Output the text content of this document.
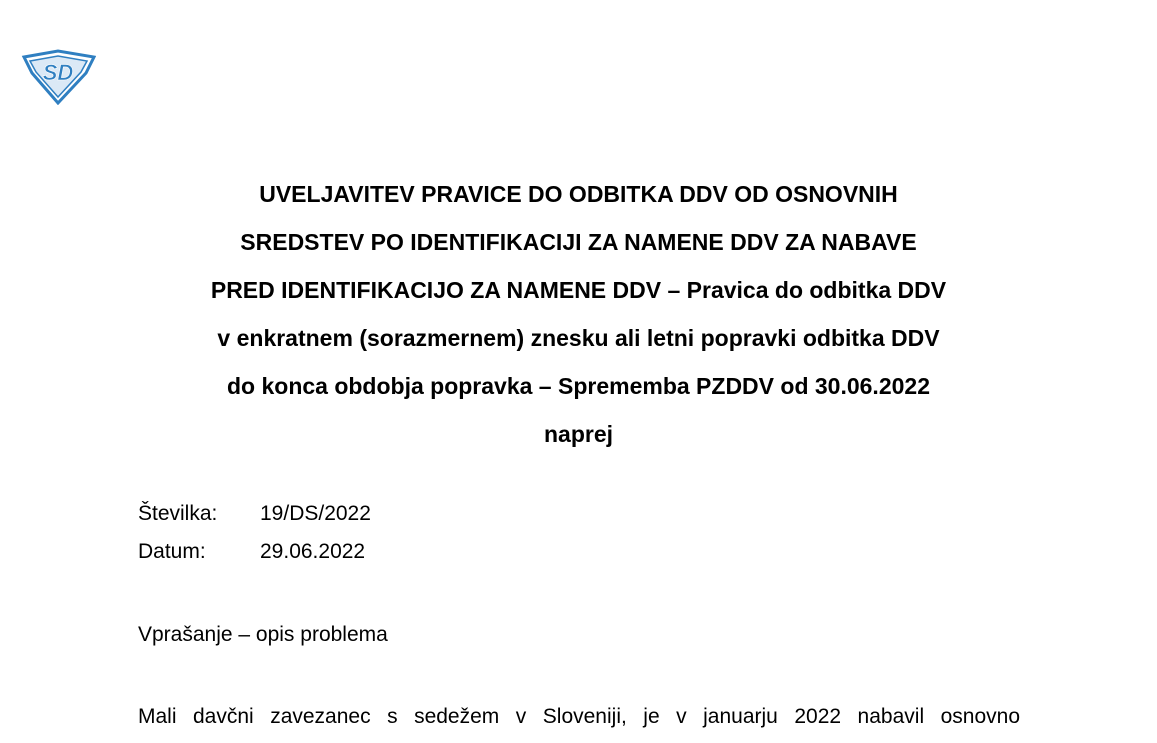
SD
UVELJAVITEV PRAVICE DO ODBITKA DDV OD OSNOVNIH
SREDSTEV PO IDENTIFIKACIJI ZA NAMENE DDV ZA NABAVE
PRED IDENTIFIKACIJO ZA NAMENE DDV – Pravica do odbitka DDV
v enkratnem (sorazmernem) znesku ali letni popravki odbitka DDV
do konca obdobja popravka – Sprememba PZDDV od 30.06.2022
naprej
Številka: 19/DS/2022
Datum:	29.06.2022
Vprašanje – opis problema
Mali davčni zavezanec s sedežem v Sloveniji, je v januarju 2022 nabavil osnovno
